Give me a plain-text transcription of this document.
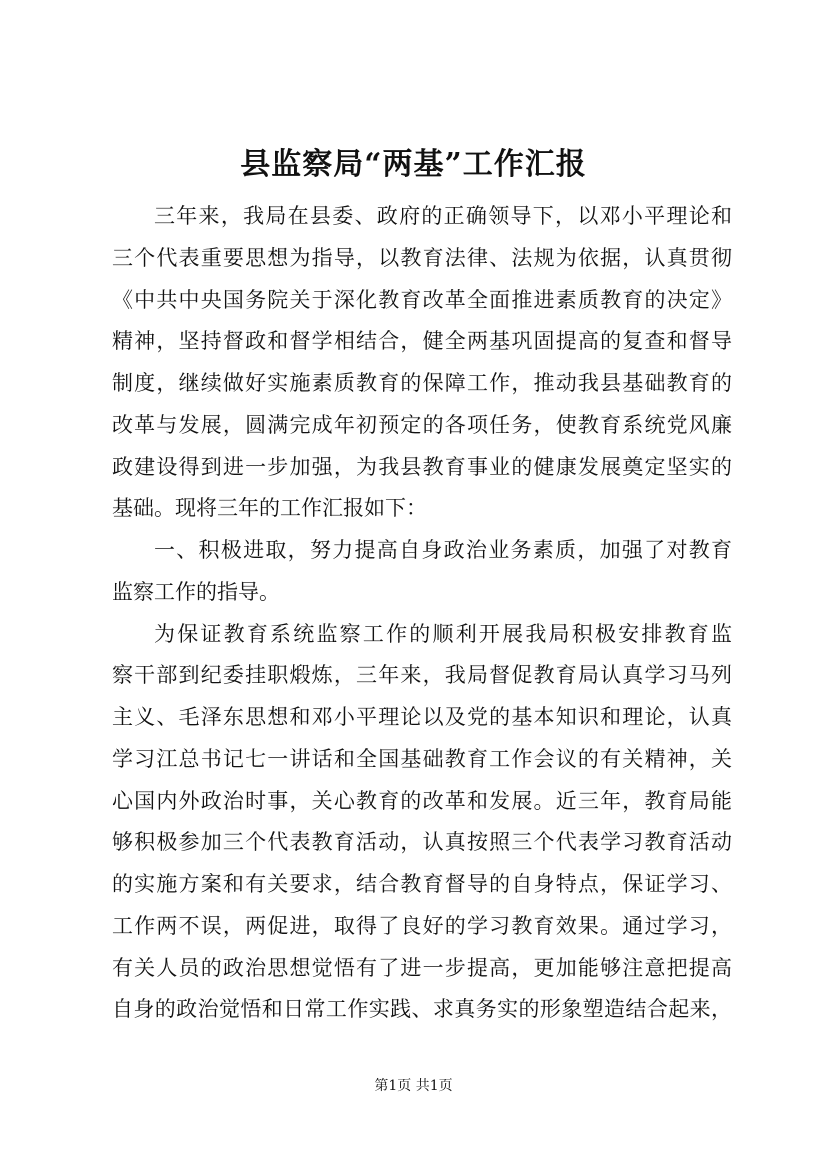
县监察局“两基”工作汇报
三年来，我局在县委、政府的正确领导下，以邓小平理论和
三个代表重要思想为指导，以教育法律、法规为依据，认真贯彻
《中共中央国务院关于深化教育改革全面推进素质教育的决定》
精神，坚持督政和督学相结合，健全两基巩固提高的复查和督导
制度，继续做好实施素质教育的保障工作，推动我县基础教育的
改革与发展，圆满完成年初预定的各项任务，使教育系统党风廉
政建设得到进一步加强，为我县教育事业的健康发展奠定坚实的
基础。现将三年的工作汇报如下：
一、积极进取，努力提高自身政治业务素质，加强了对教育
监察工作的指导。
为保证教育系统监察工作的顺利开展我局积极安排教育监
察干部到纪委挂职煅炼，三年来，我局督促教育局认真学习马列
主义、毛泽东思想和邓小平理论以及党的基本知识和理论，认真
学习江总书记七一讲话和全国基础教育工作会议的有关精神，关
心国内外政治时事，关心教育的改革和发展。近三年，教育局能
够积极参加三个代表教育活动，认真按照三个代表学习教育活动
的实施方案和有关要求，结合教育督导的自身特点，保证学习、
工作两不误，两促进，取得了良好的学习教育效果。通过学习，
有关人员的政治思想觉悟有了进一步提高，更加能够注意把提高
自身的政治觉悟和日常工作实践、求真务实的形象塑造结合起来，
第1页 共1页
